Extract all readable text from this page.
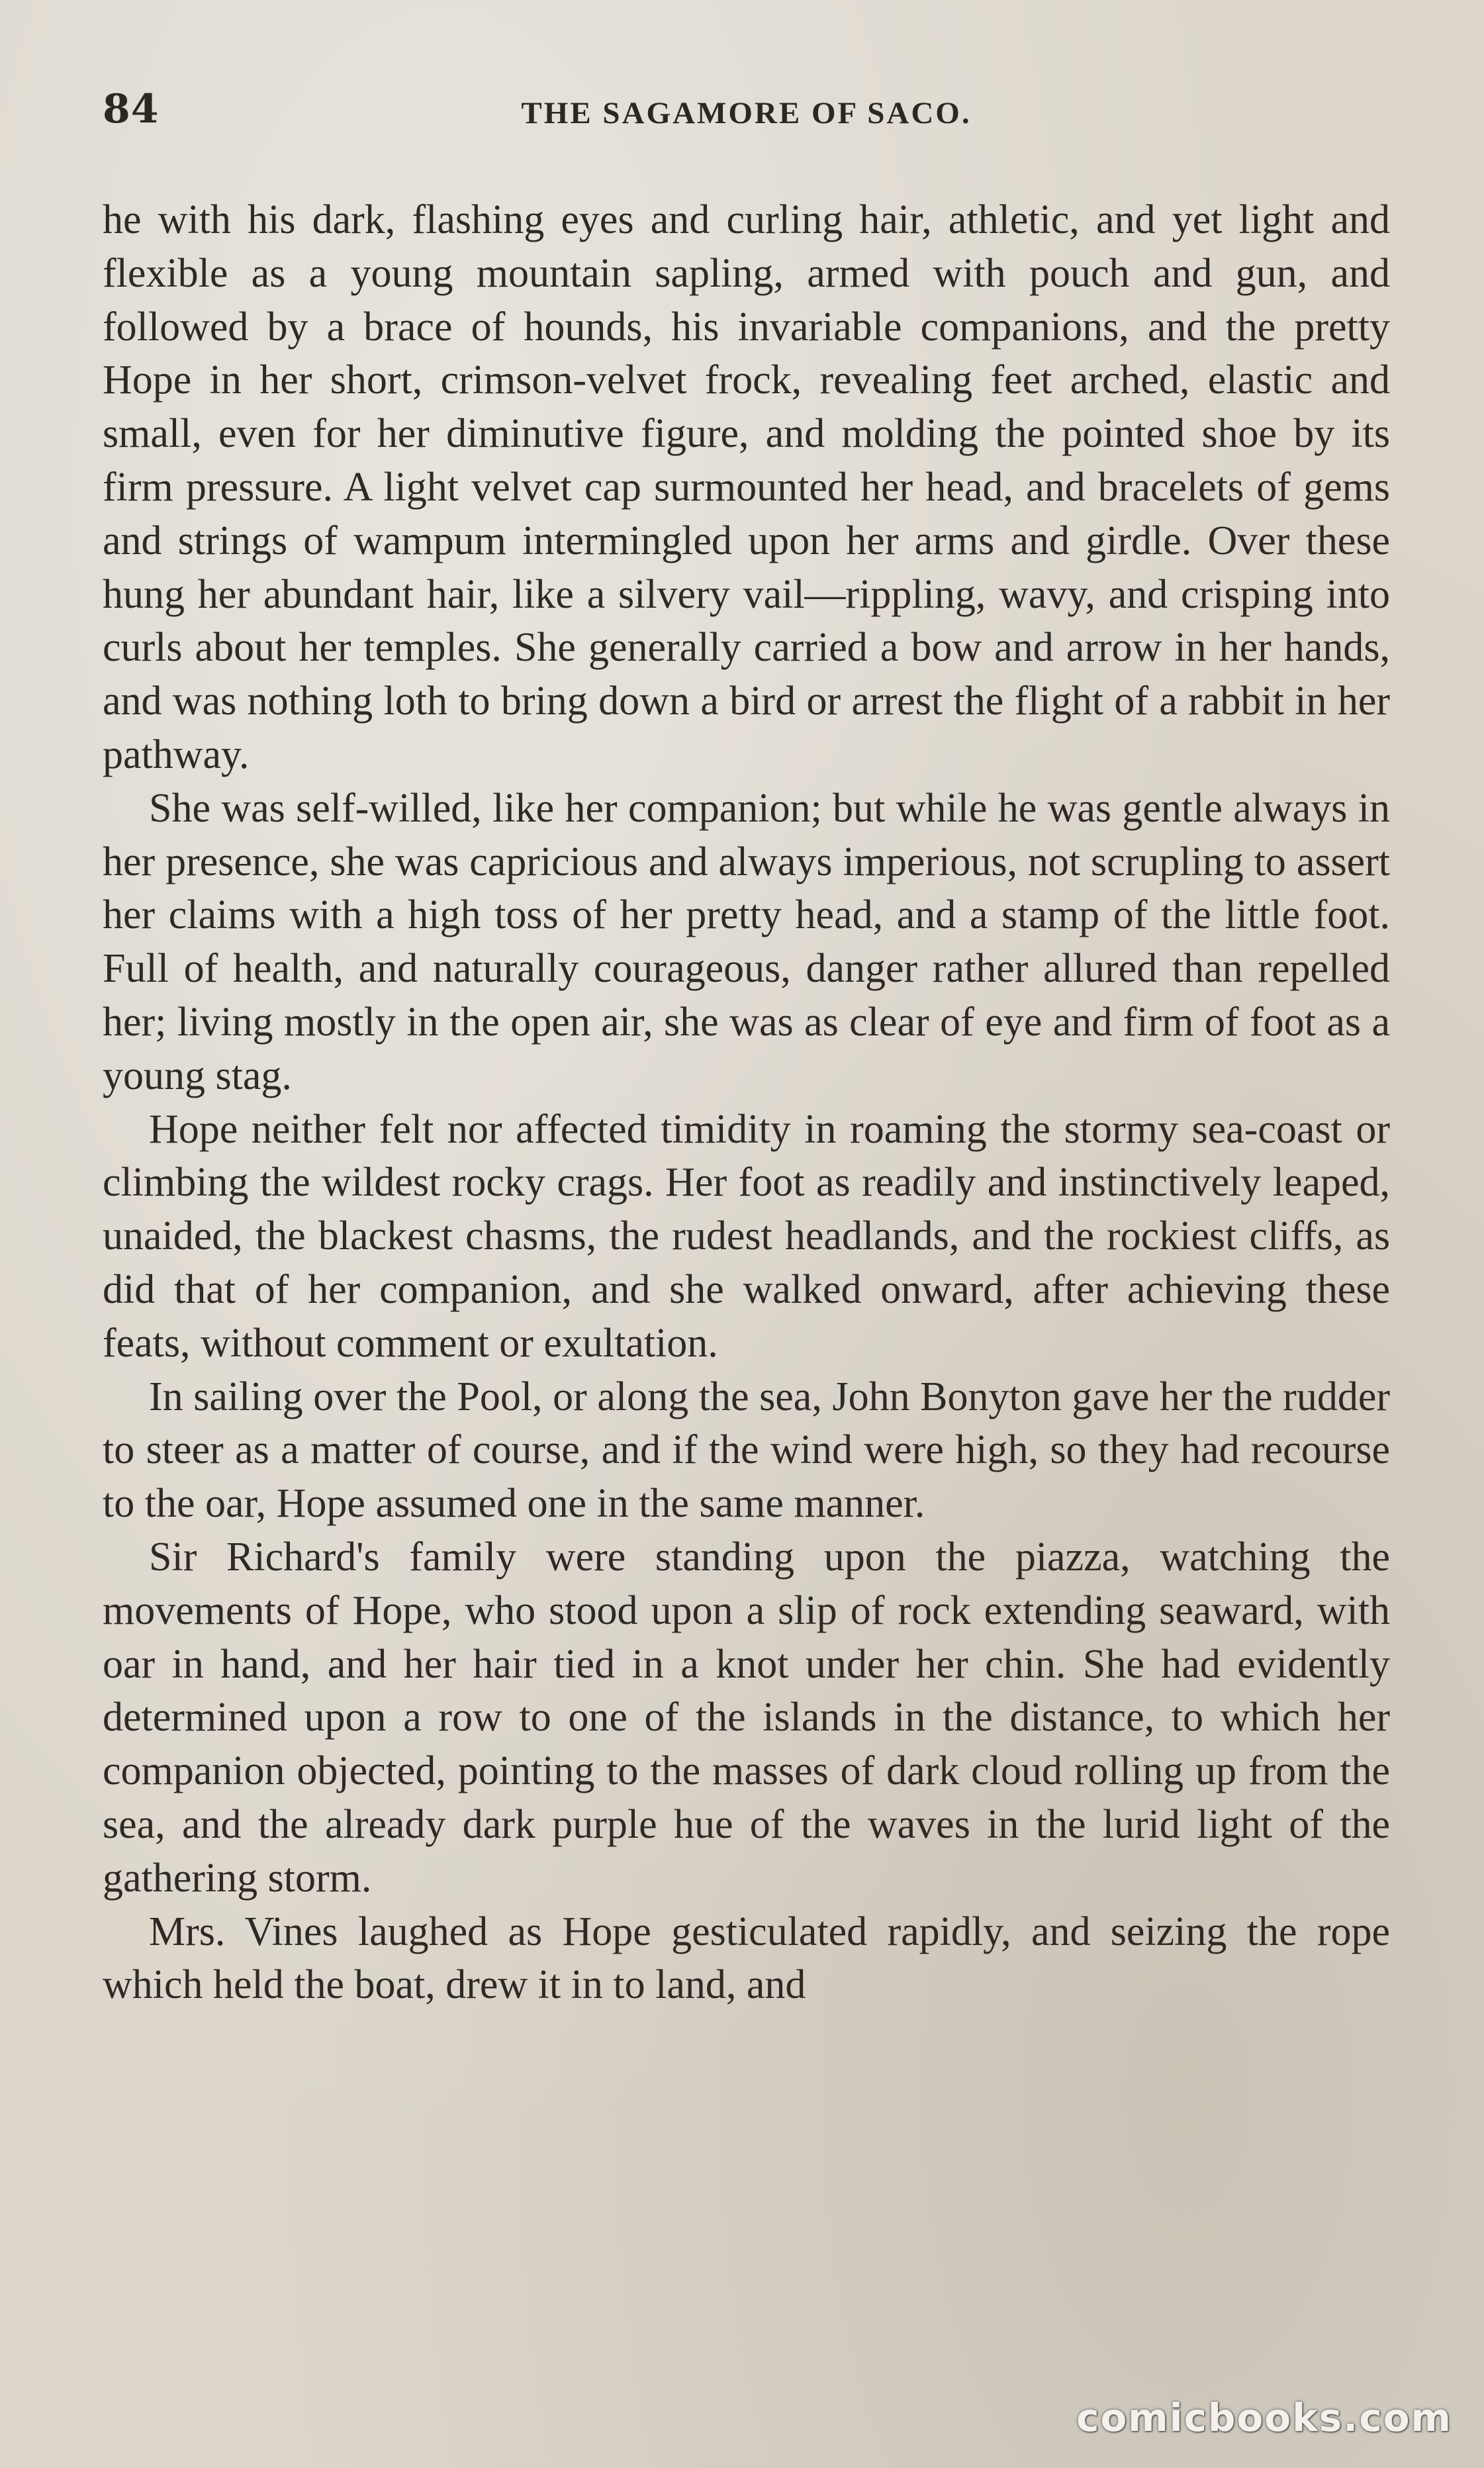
84	THE SAGAMORE OF SACO.

he with his dark, flashing eyes and curling hair, athletic, and yet light and flexible as a young mountain sapling, armed with pouch and gun, and followed by a brace of hounds, his invariable companions, and the pretty Hope in her short, crimson-velvet frock, revealing feet arched, elastic and small, even for her diminutive figure, and molding the pointed shoe by its firm pressure. A light velvet cap surmounted her head, and bracelets of gems and strings of wampum intermingled upon her arms and girdle. Over these hung her abundant hair, like a silvery vail—rippling, wavy, and crisping into curls about her temples. She generally carried a bow and arrow in her hands, and was nothing loth to bring down a bird or arrest the flight of a rabbit in her pathway.

She was self-willed, like her companion; but while he was gentle always in her presence, she was capricious and always imperious, not scrupling to assert her claims with a high toss of her pretty head, and a stamp of the little foot. Full of health, and naturally courageous, danger rather allured than repelled her; living mostly in the open air, she was as clear of eye and firm of foot as a young stag.

Hope neither felt nor affected timidity in roaming the stormy sea-coast or climbing the wildest rocky crags. Her foot as readily and instinctively leaped, unaided, the blackest chasms, the rudest headlands, and the rockiest cliffs, as did that of her companion, and she walked onward, after achieving these feats, without comment or exultation.

In sailing over the Pool, or along the sea, John Bonyton gave her the rudder to steer as a matter of course, and if the wind were high, so they had recourse to the oar, Hope assumed one in the same manner.

Sir Richard's family were standing upon the piazza, watching the movements of Hope, who stood upon a slip of rock extending seaward, with oar in hand, and her hair tied in a knot under her chin. She had evidently determined upon a row to one of the islands in the distance, to which her companion objected, pointing to the masses of dark cloud rolling up from the sea, and the already dark purple hue of the waves in the lurid light of the gathering storm.

Mrs. Vines laughed as Hope gesticulated rapidly, and seizing the rope which held the boat, drew it in to land, and

comicbooks.com
